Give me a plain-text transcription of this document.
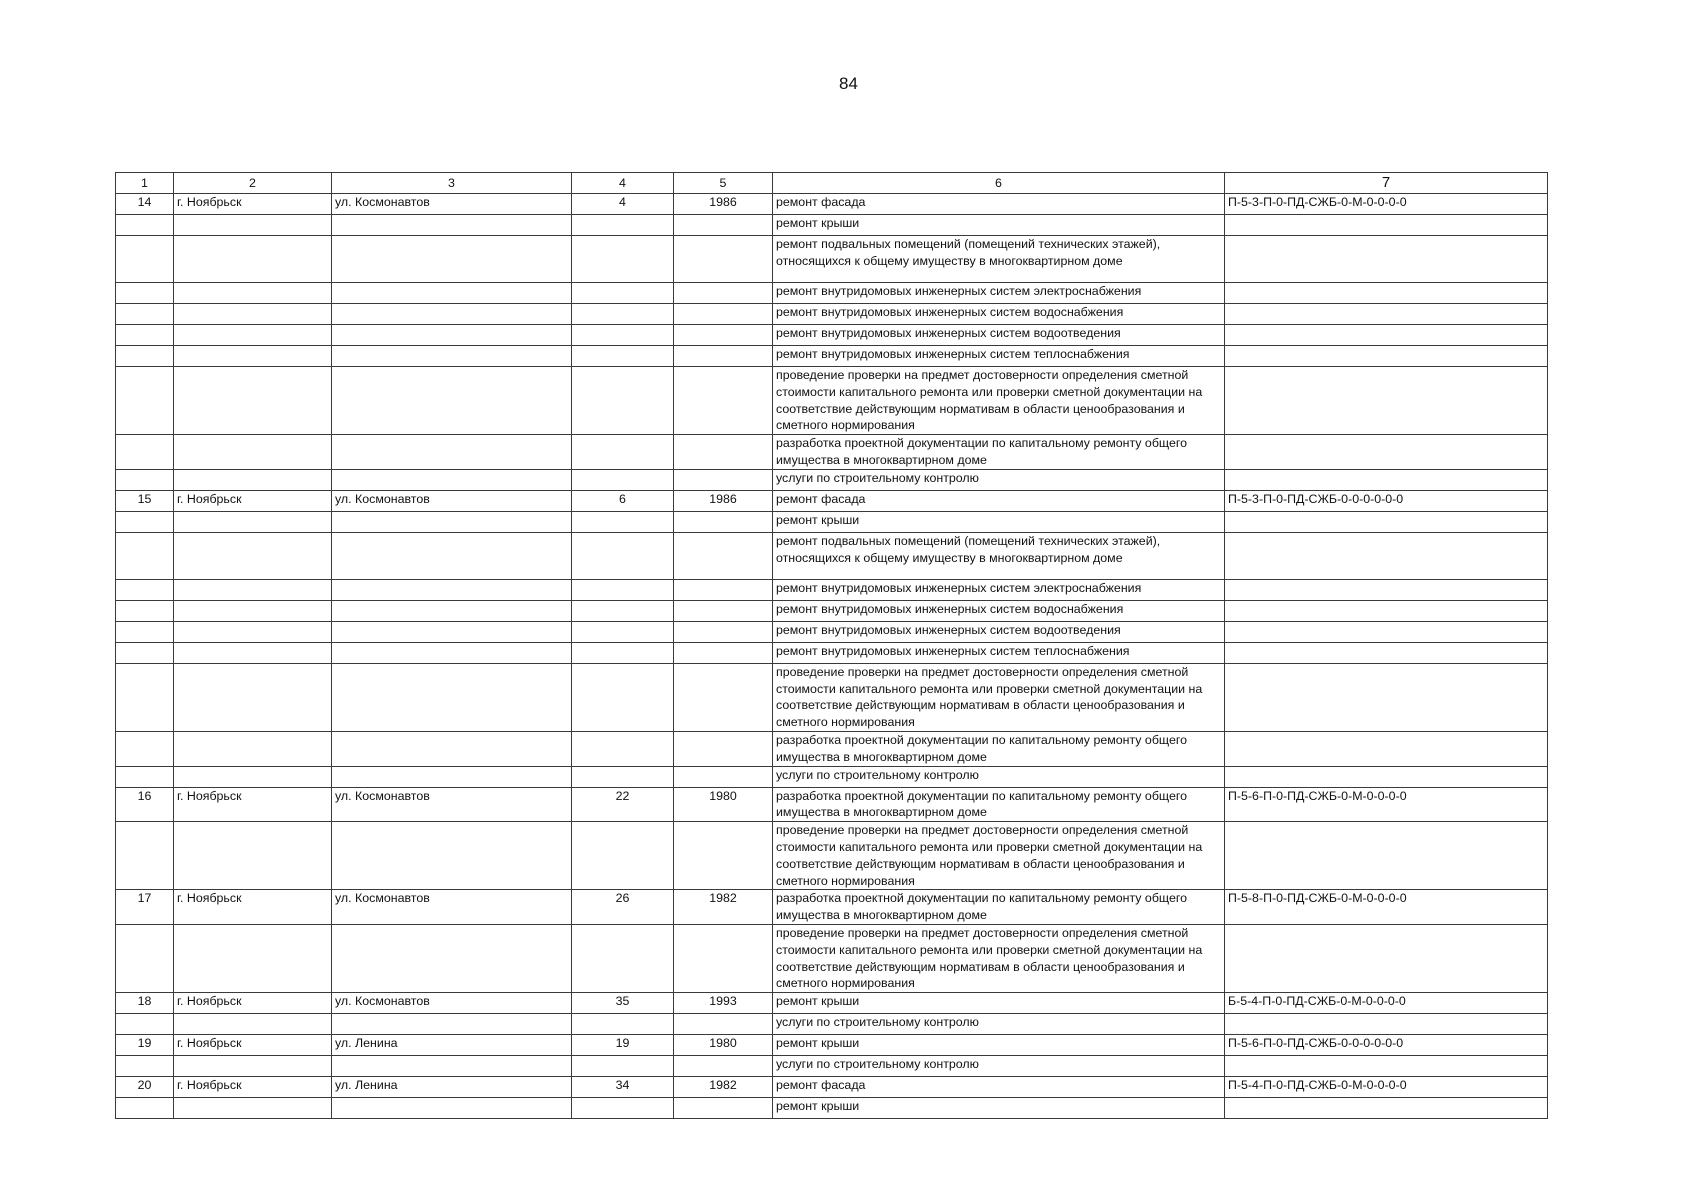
84
1	2	3	4	5	6	7
14	г. Ноябрьск	ул. Космонавтов	4	1986	ремонт фасада	П-5-3-П-0-ПД-СЖБ-0-М-0-0-0-0
					ремонт крыши	
					ремонт подвальных помещений (помещений технических этажей), относящихся к общему имуществу в многоквартирном доме	
					ремонт внутридомовых инженерных систем электроснабжения	
					ремонт внутридомовых инженерных систем водоснабжения	
					ремонт внутридомовых инженерных систем водоотведения	
					ремонт внутридомовых инженерных систем теплоснабжения	
					проведение проверки на предмет достоверности определения сметной стоимости капитального ремонта или проверки сметной документации на соответствие действующим нормативам в области ценообразования и сметного нормирования	
					разработка проектной документации по капитальному ремонту общего имущества в многоквартирном доме	
					услуги по строительному контролю	
15	г. Ноябрьск	ул. Космонавтов	6	1986	ремонт фасада	П-5-3-П-0-ПД-СЖБ-0-0-0-0-0-0
					ремонт крыши	
					ремонт подвальных помещений (помещений технических этажей), относящихся к общему имуществу в многоквартирном доме	
					ремонт внутридомовых инженерных систем электроснабжения	
					ремонт внутридомовых инженерных систем водоснабжения	
					ремонт внутридомовых инженерных систем водоотведения	
					ремонт внутридомовых инженерных систем теплоснабжения	
					проведение проверки на предмет достоверности определения сметной стоимости капитального ремонта или проверки сметной документации на соответствие действующим нормативам в области ценообразования и сметного нормирования	
					разработка проектной документации по капитальному ремонту общего имущества в многоквартирном доме	
					услуги по строительному контролю	
16	г. Ноябрьск	ул. Космонавтов	22	1980	разработка проектной документации по капитальному ремонту общего имущества в многоквартирном доме	П-5-6-П-0-ПД-СЖБ-0-М-0-0-0-0
					проведение проверки на предмет достоверности определения сметной стоимости капитального ремонта или проверки сметной документации на соответствие действующим нормативам в области ценообразования и сметного нормирования	
17	г. Ноябрьск	ул. Космонавтов	26	1982	разработка проектной документации по капитальному ремонту общего имущества в многоквартирном доме	П-5-8-П-0-ПД-СЖБ-0-М-0-0-0-0
					проведение проверки на предмет достоверности определения сметной стоимости капитального ремонта или проверки сметной документации на соответствие действующим нормативам в области ценообразования и сметного нормирования	
18	г. Ноябрьск	ул. Космонавтов	35	1993	ремонт крыши	Б-5-4-П-0-ПД-СЖБ-0-М-0-0-0-0
					услуги по строительному контролю	
19	г. Ноябрьск	ул. Ленина	19	1980	ремонт крыши	П-5-6-П-0-ПД-СЖБ-0-0-0-0-0-0
					услуги по строительному контролю	
20	г. Ноябрьск	ул. Ленина	34	1982	ремонт фасада	П-5-4-П-0-ПД-СЖБ-0-М-0-0-0-0
					ремонт крыши	
